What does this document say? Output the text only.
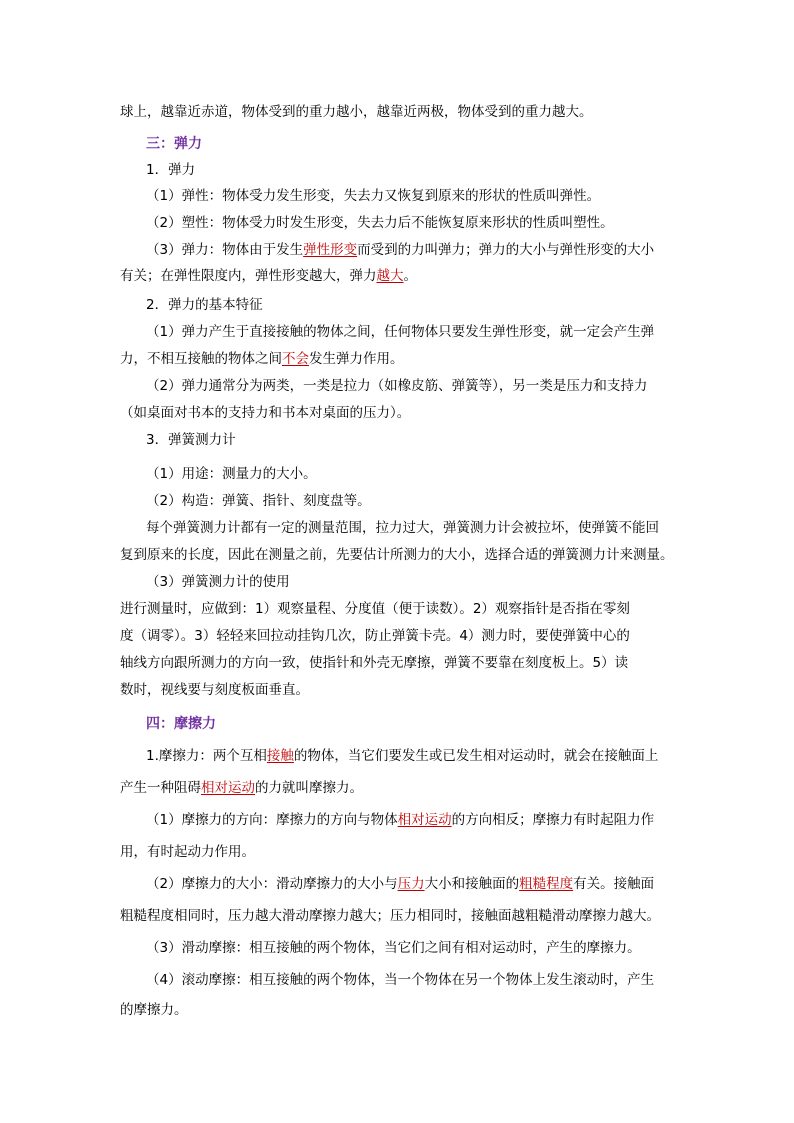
球上，越靠近赤道，物体受到的重力越小，越靠近两极，物体受到的重力越大。
三：弹力
1．弹力
（1）弹性：物体受力发生形变，失去力又恢复到原来的形状的性质叫弹性。
（2）塑性：物体受力时发生形变，失去力后不能恢复原来形状的性质叫塑性。
（3）弹力：物体由于发生弹性形变而受到的力叫弹力；弹力的大小与弹性形变的大小
有关；在弹性限度内，弹性形变越大，弹力越大。
2．弹力的基本特征
（1）弹力产生于直接接触的物体之间，任何物体只要发生弹性形变，就一定会产生弹
力，不相互接触的物体之间不会发生弹力作用。
（2）弹力通常分为两类，一类是拉力（如橡皮筋、弹簧等），另一类是压力和支持力
（如桌面对书本的支持力和书本对桌面的压力）。
3．弹簧测力计
（1）用途：测量力的大小。
（2）构造：弹簧、指针、刻度盘等。
每个弹簧测力计都有一定的测量范围，拉力过大，弹簧测力计会被拉坏，使弹簧不能回
复到原来的长度，因此在测量之前，先要估计所测力的大小，选择合适的弹簧测力计来测量。
（3）弹簧测力计的使用
进行测量时，应做到：1）观察量程、分度值（便于读数）。2）观察指针是否指在零刻
度（调零）。3）轻轻来回拉动挂钩几次，防止弹簧卡壳。4）测力时，要使弹簧中心的
轴线方向跟所测力的方向一致，使指针和外壳无摩擦，弹簧不要靠在刻度板上。5）读
数时，视线要与刻度板面垂直。
四：摩擦力
1.摩擦力：两个互相接触的物体，当它们要发生或已发生相对运动时，就会在接触面上
产生一种阻碍相对运动的力就叫摩擦力。
（1）摩擦力的方向：摩擦力的方向与物体相对运动的方向相反；摩擦力有时起阻力作
用，有时起动力作用。
（2）摩擦力的大小：滑动摩擦力的大小与压力大小和接触面的粗糙程度有关。接触面
粗糙程度相同时，压力越大滑动摩擦力越大；压力相同时，接触面越粗糙滑动摩擦力越大。
（3）滑动摩擦：相互接触的两个物体，当它们之间有相对运动时，产生的摩擦力。
（4）滚动摩擦：相互接触的两个物体，当一个物体在另一个物体上发生滚动时，产生
的摩擦力。
